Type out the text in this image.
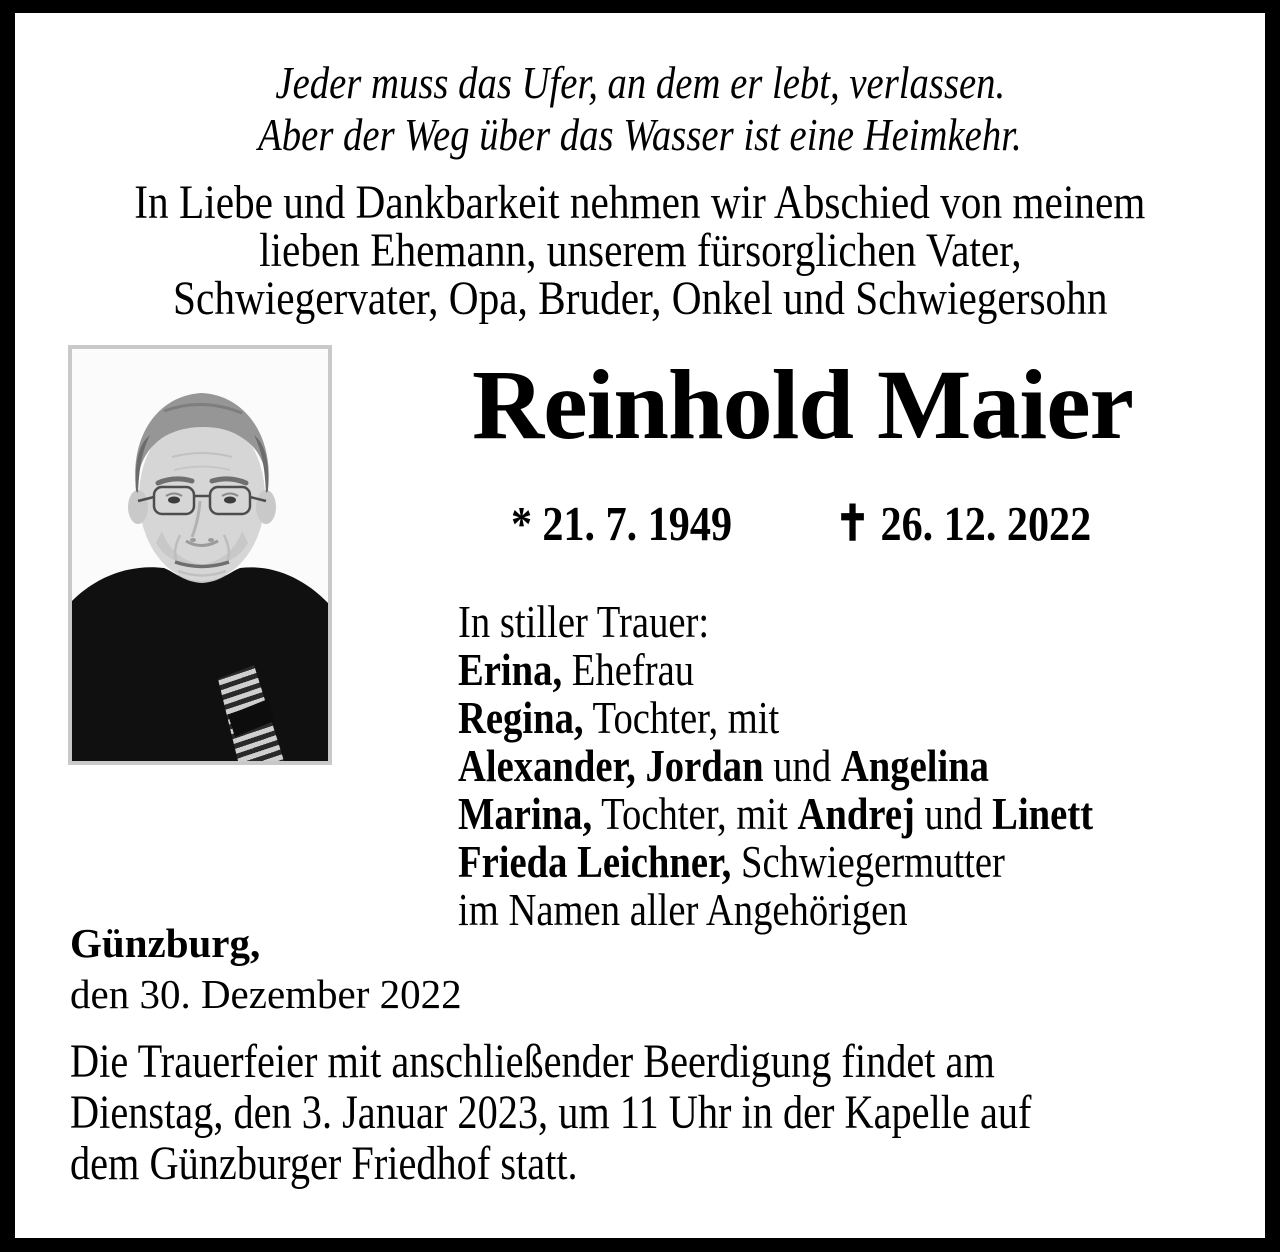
Jeder muss das Ufer, an dem er lebt, verlassen.
Aber der Weg über das Wasser ist eine Heimkehr.
In Liebe und Dankbarkeit nehmen wir Abschied von meinem
lieben Ehemann, unserem fürsorglichen Vater,
Schwiegervater, Opa, Bruder, Onkel und Schwiegersohn
Reinhold Maier
* 21. 7. 1949 ✝ 26. 12. 2022
In stiller Trauer:
Erina, Ehefrau
Regina, Tochter, mit
Alexander, Jordan und Angelina
Marina, Tochter, mit Andrej und Linett
Frieda Leichner, Schwiegermutter
im Namen aller Angehörigen
Günzburg,
den 30. Dezember 2022
Die Trauerfeier mit anschließender Beerdigung findet am
Dienstag, den 3. Januar 2023, um 11 Uhr in der Kapelle auf
dem Günzburger Friedhof statt.
